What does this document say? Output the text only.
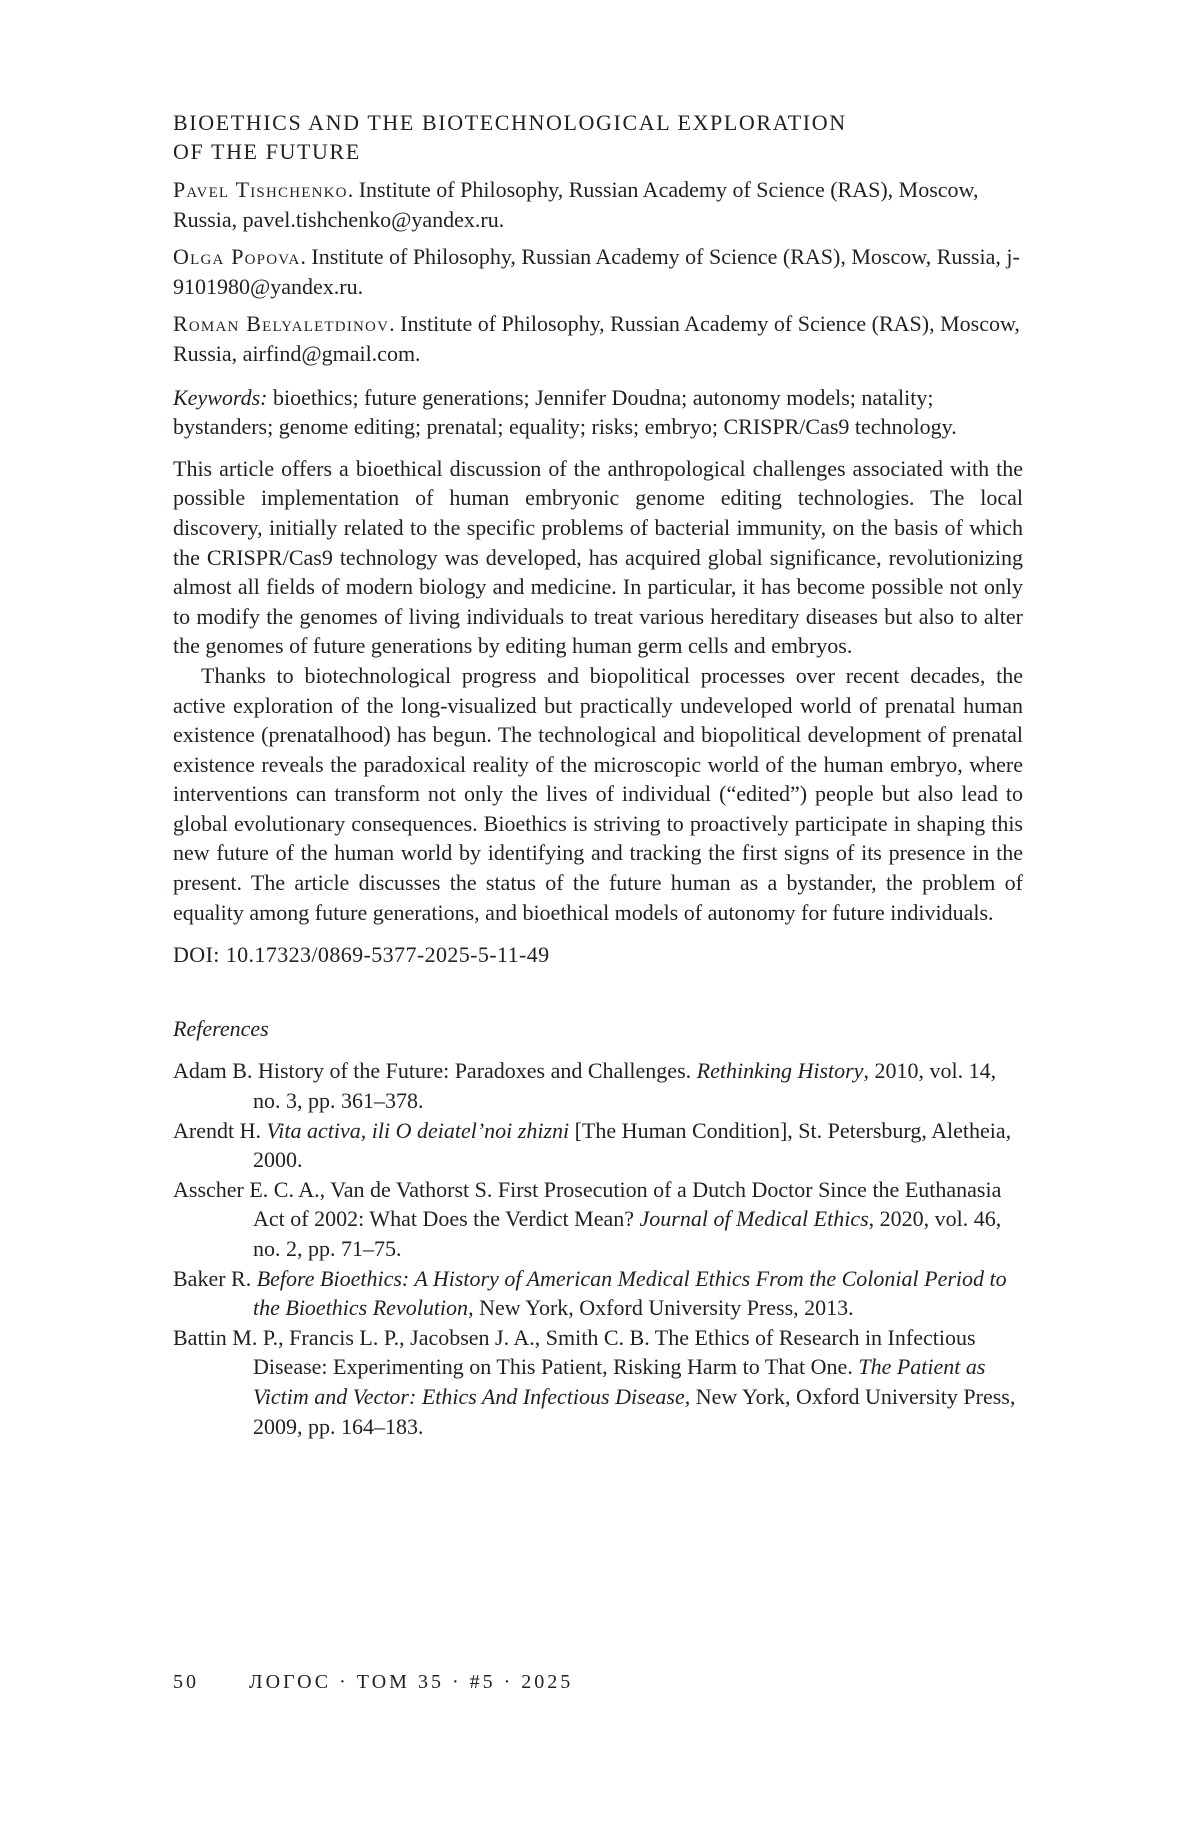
BIOETHICS AND THE BIOTECHNOLOGICAL EXPLORATION
OF THE FUTURE

Pavel Tishchenko. Institute of Philosophy, Russian Academy of Science (RAS), Moscow, Russia, pavel.tishchenko@yandex.ru.

Olga Popova. Institute of Philosophy, Russian Academy of Science (RAS), Moscow, Russia, j-9101980@yandex.ru.

Roman Belyaletdinov. Institute of Philosophy, Russian Academy of Science (RAS), Moscow, Russia, airfind@gmail.com.

Keywords: bioethics; future generations; Jennifer Doudna; autonomy models; natality; bystanders; genome editing; prenatal; equality; risks; embryo; CRISPR/Cas9 technology.

This article offers a bioethical discussion of the anthropological challenges associated with the possible implementation of human embryonic genome editing technologies. The local discovery, initially related to the specific problems of bacterial immunity, on the basis of which the CRISPR/Cas9 technology was developed, has acquired global significance, revolutionizing almost all fields of modern biology and medicine. In particular, it has become possible not only to modify the genomes of living individuals to treat various hereditary diseases but also to alter the genomes of future generations by editing human germ cells and embryos.

Thanks to biotechnological progress and biopolitical processes over recent decades, the active exploration of the long-visualized but practically undeveloped world of prenatal human existence (prenatalhood) has begun. The technological and biopolitical development of prenatal existence reveals the paradoxical reality of the microscopic world of the human embryo, where interventions can transform not only the lives of individual (“edited”) people but also lead to global evolutionary consequences. Bioethics is striving to proactively participate in shaping this new future of the human world by identifying and tracking the first signs of its presence in the present. The article discusses the status of the future human as a bystander, the problem of equality among future generations, and bioethical models of autonomy for future individuals.

DOI: 10.17323/0869-5377-2025-5-11-49

References

Adam B. History of the Future: Paradoxes and Challenges. Rethinking History, 2010, vol. 14, no. 3, pp. 361–378.
Arendt H. Vita activa, ili O deiatel’noi zhizni [The Human Condition], St. Petersburg, Aletheia, 2000.
Asscher E. C. A., Van de Vathorst S. First Prosecution of a Dutch Doctor Since the Euthanasia Act of 2002: What Does the Verdict Mean? Journal of Medical Ethics, 2020, vol. 46, no. 2, pp. 71–75.
Baker R. Before Bioethics: A History of American Medical Ethics From the Colonial Period to the Bioethics Revolution, New York, Oxford University Press, 2013.
Battin M. P., Francis L. P., Jacobsen J. A., Smith C. B. The Ethics of Research in Infectious Disease: Experimenting on This Patient, Risking Harm to That One. The Patient as Victim and Vector: Ethics And Infectious Disease, New York, Oxford University Press, 2009, pp. 164–183.
50	ЛОГОС · ТОМ 35 · #5 · 2025
